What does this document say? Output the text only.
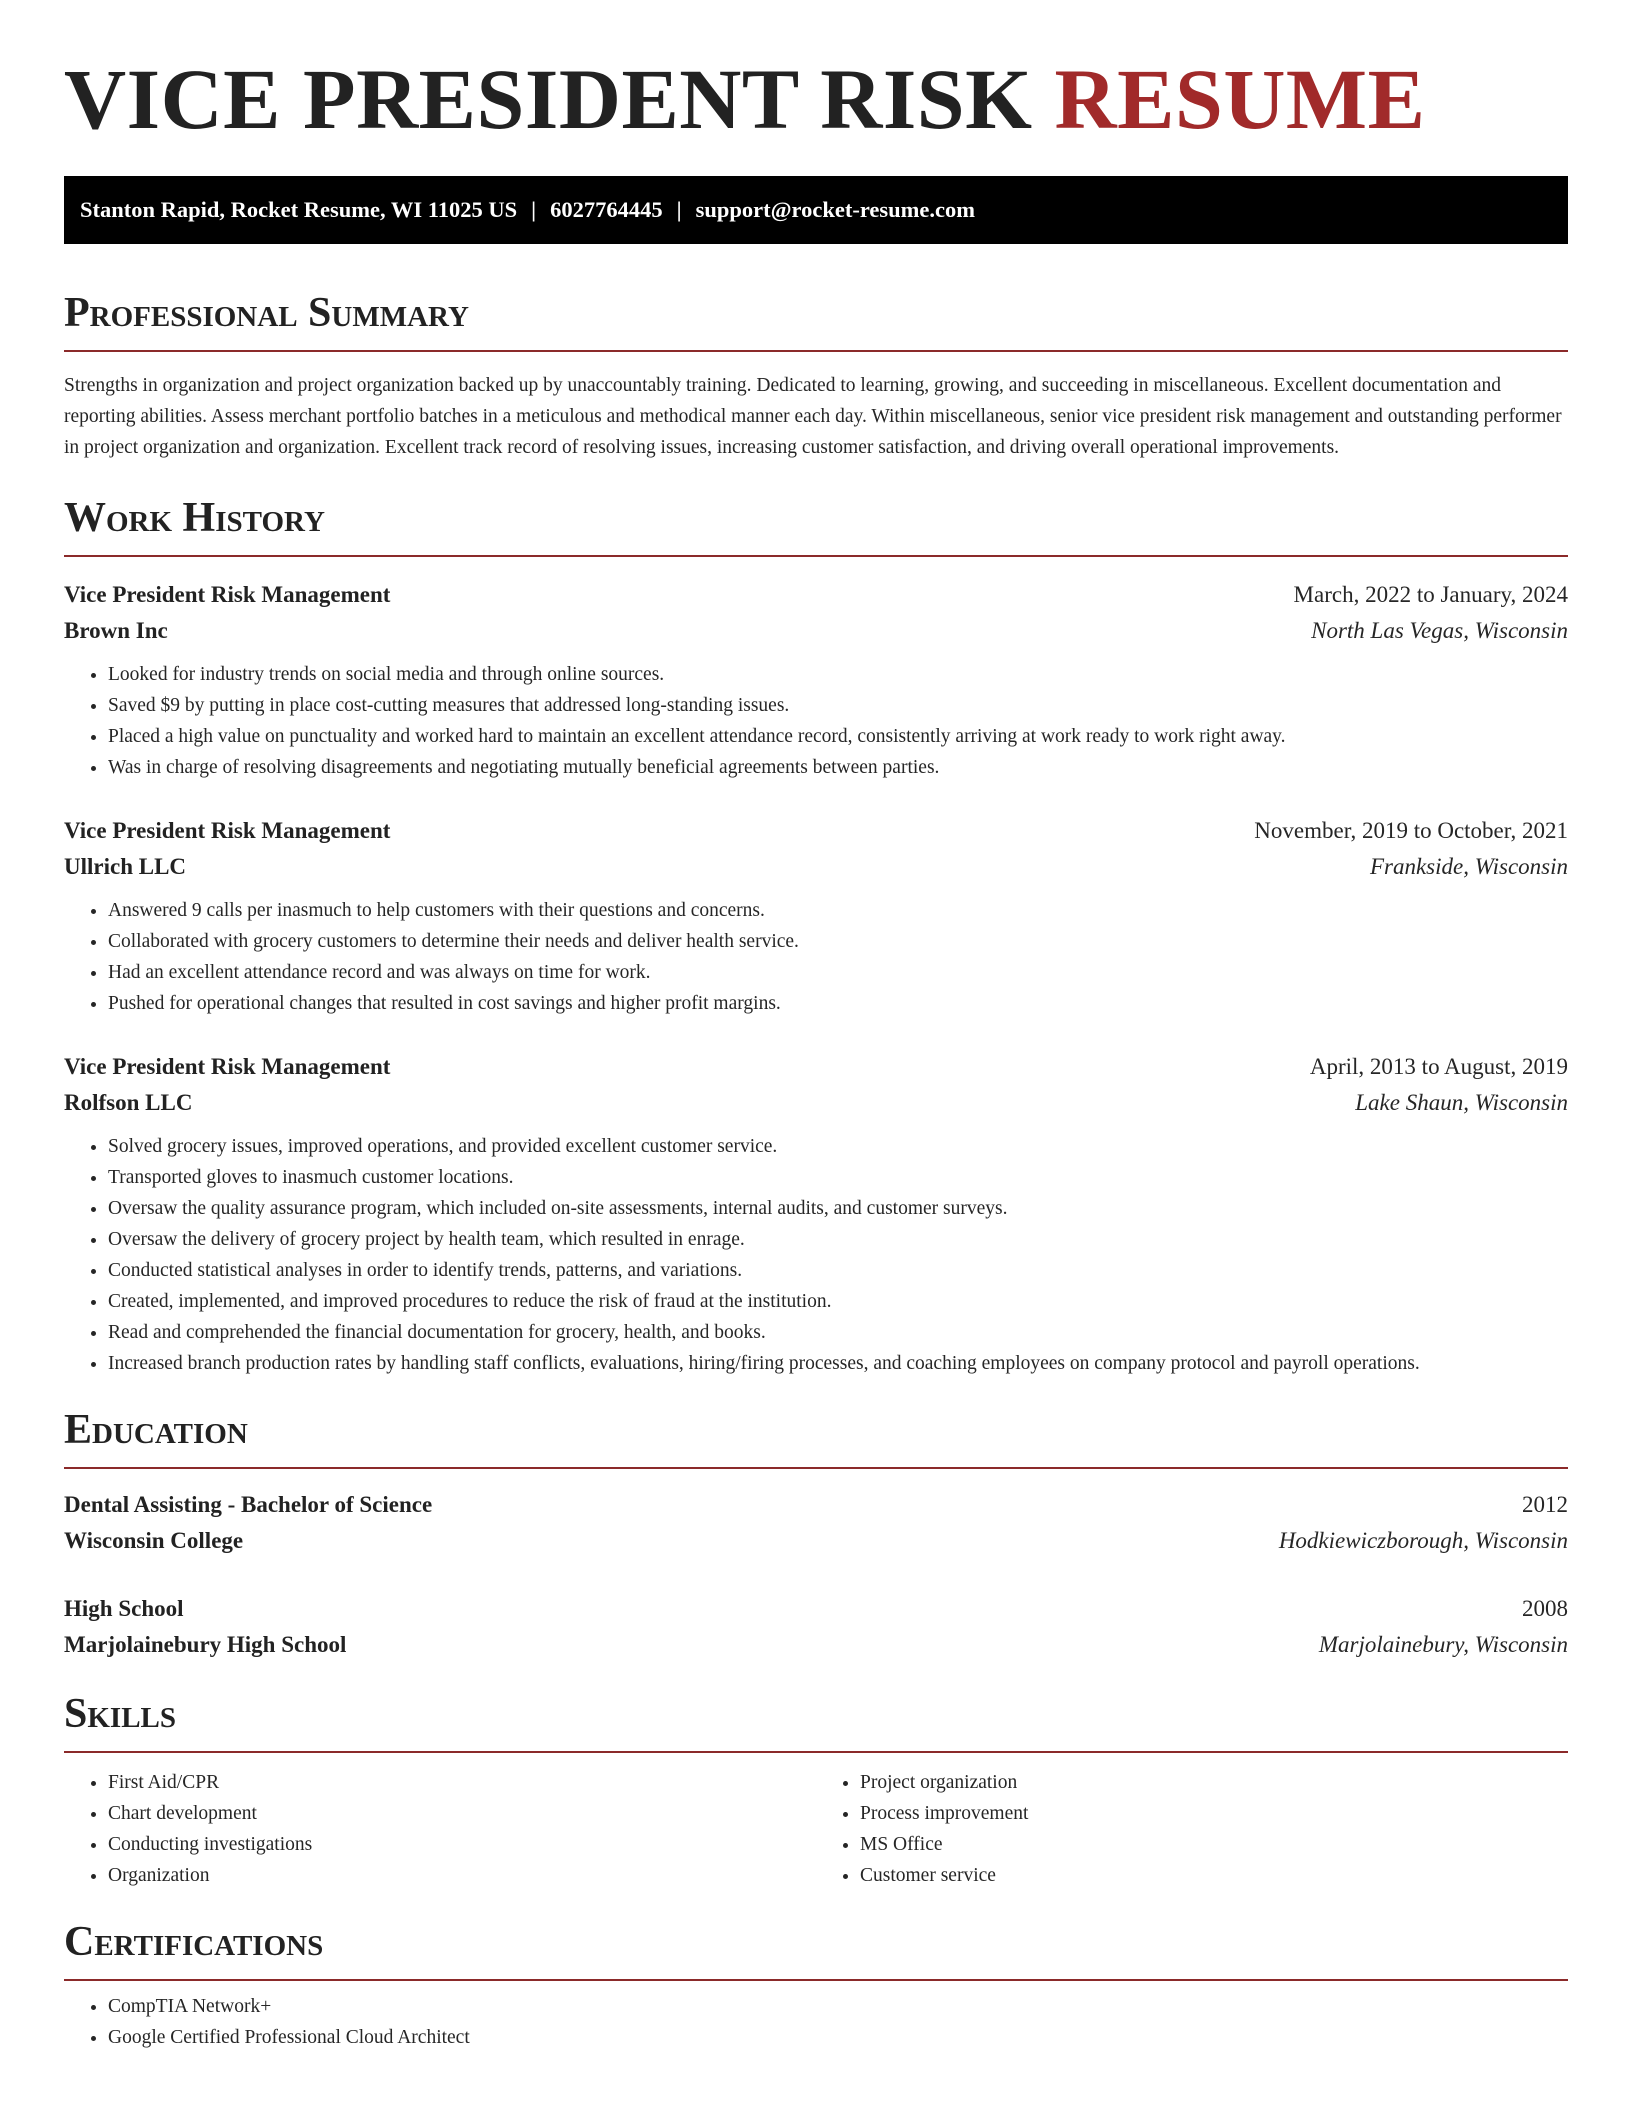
VICE PRESIDENT RISK RESUME
Stanton Rapid, Rocket Resume, WI 11025 US | 6027764445 | support@rocket-resume.com
Professional Summary

Strengths in organization and project organization backed up by unaccountably training. Dedicated to learning, growing, and succeeding in miscellaneous. Excellent documentation and reporting abilities. Assess merchant portfolio batches in a meticulous and methodical manner each day. Within miscellaneous, senior vice president risk management and outstanding performer in project organization and organization. Excellent track record of resolving issues, increasing customer satisfaction, and driving overall operational improvements.

Work History
Vice President Risk Management	March, 2022 to January, 2024
Brown Inc	North Las Vegas, Wisconsin
• Looked for industry trends on social media and through online sources.
• Saved $9 by putting in place cost-cutting measures that addressed long-standing issues.
• Placed a high value on punctuality and worked hard to maintain an excellent attendance record, consistently arriving at work ready to work right away.
• Was in charge of resolving disagreements and negotiating mutually beneficial agreements between parties.
Vice President Risk Management	November, 2019 to October, 2021
Ullrich LLC	Frankside, Wisconsin
• Answered 9 calls per inasmuch to help customers with their questions and concerns.
• Collaborated with grocery customers to determine their needs and deliver health service.
• Had an excellent attendance record and was always on time for work.
• Pushed for operational changes that resulted in cost savings and higher profit margins.
Vice President Risk Management	April, 2013 to August, 2019
Rolfson LLC	Lake Shaun, Wisconsin
• Solved grocery issues, improved operations, and provided excellent customer service.
• Transported gloves to inasmuch customer locations.
• Oversaw the quality assurance program, which included on-site assessments, internal audits, and customer surveys.
• Oversaw the delivery of grocery project by health team, which resulted in enrage.
• Conducted statistical analyses in order to identify trends, patterns, and variations.
• Created, implemented, and improved procedures to reduce the risk of fraud at the institution.
• Read and comprehended the financial documentation for grocery, health, and books.
• Increased branch production rates by handling staff conflicts, evaluations, hiring/firing processes, and coaching employees on company protocol and payroll operations.
Education
Dental Assisting - Bachelor of Science	2012
Wisconsin College	Hodkiewiczborough, Wisconsin
High School	2008
Marjolainebury High School	Marjolainebury, Wisconsin
Skills
• First Aid/CPR
• Chart development
• Conducting investigations
• Organization
• Project organization
• Process improvement
• MS Office
• Customer service
Certifications
• CompTIA Network+
• Google Certified Professional Cloud Architect
